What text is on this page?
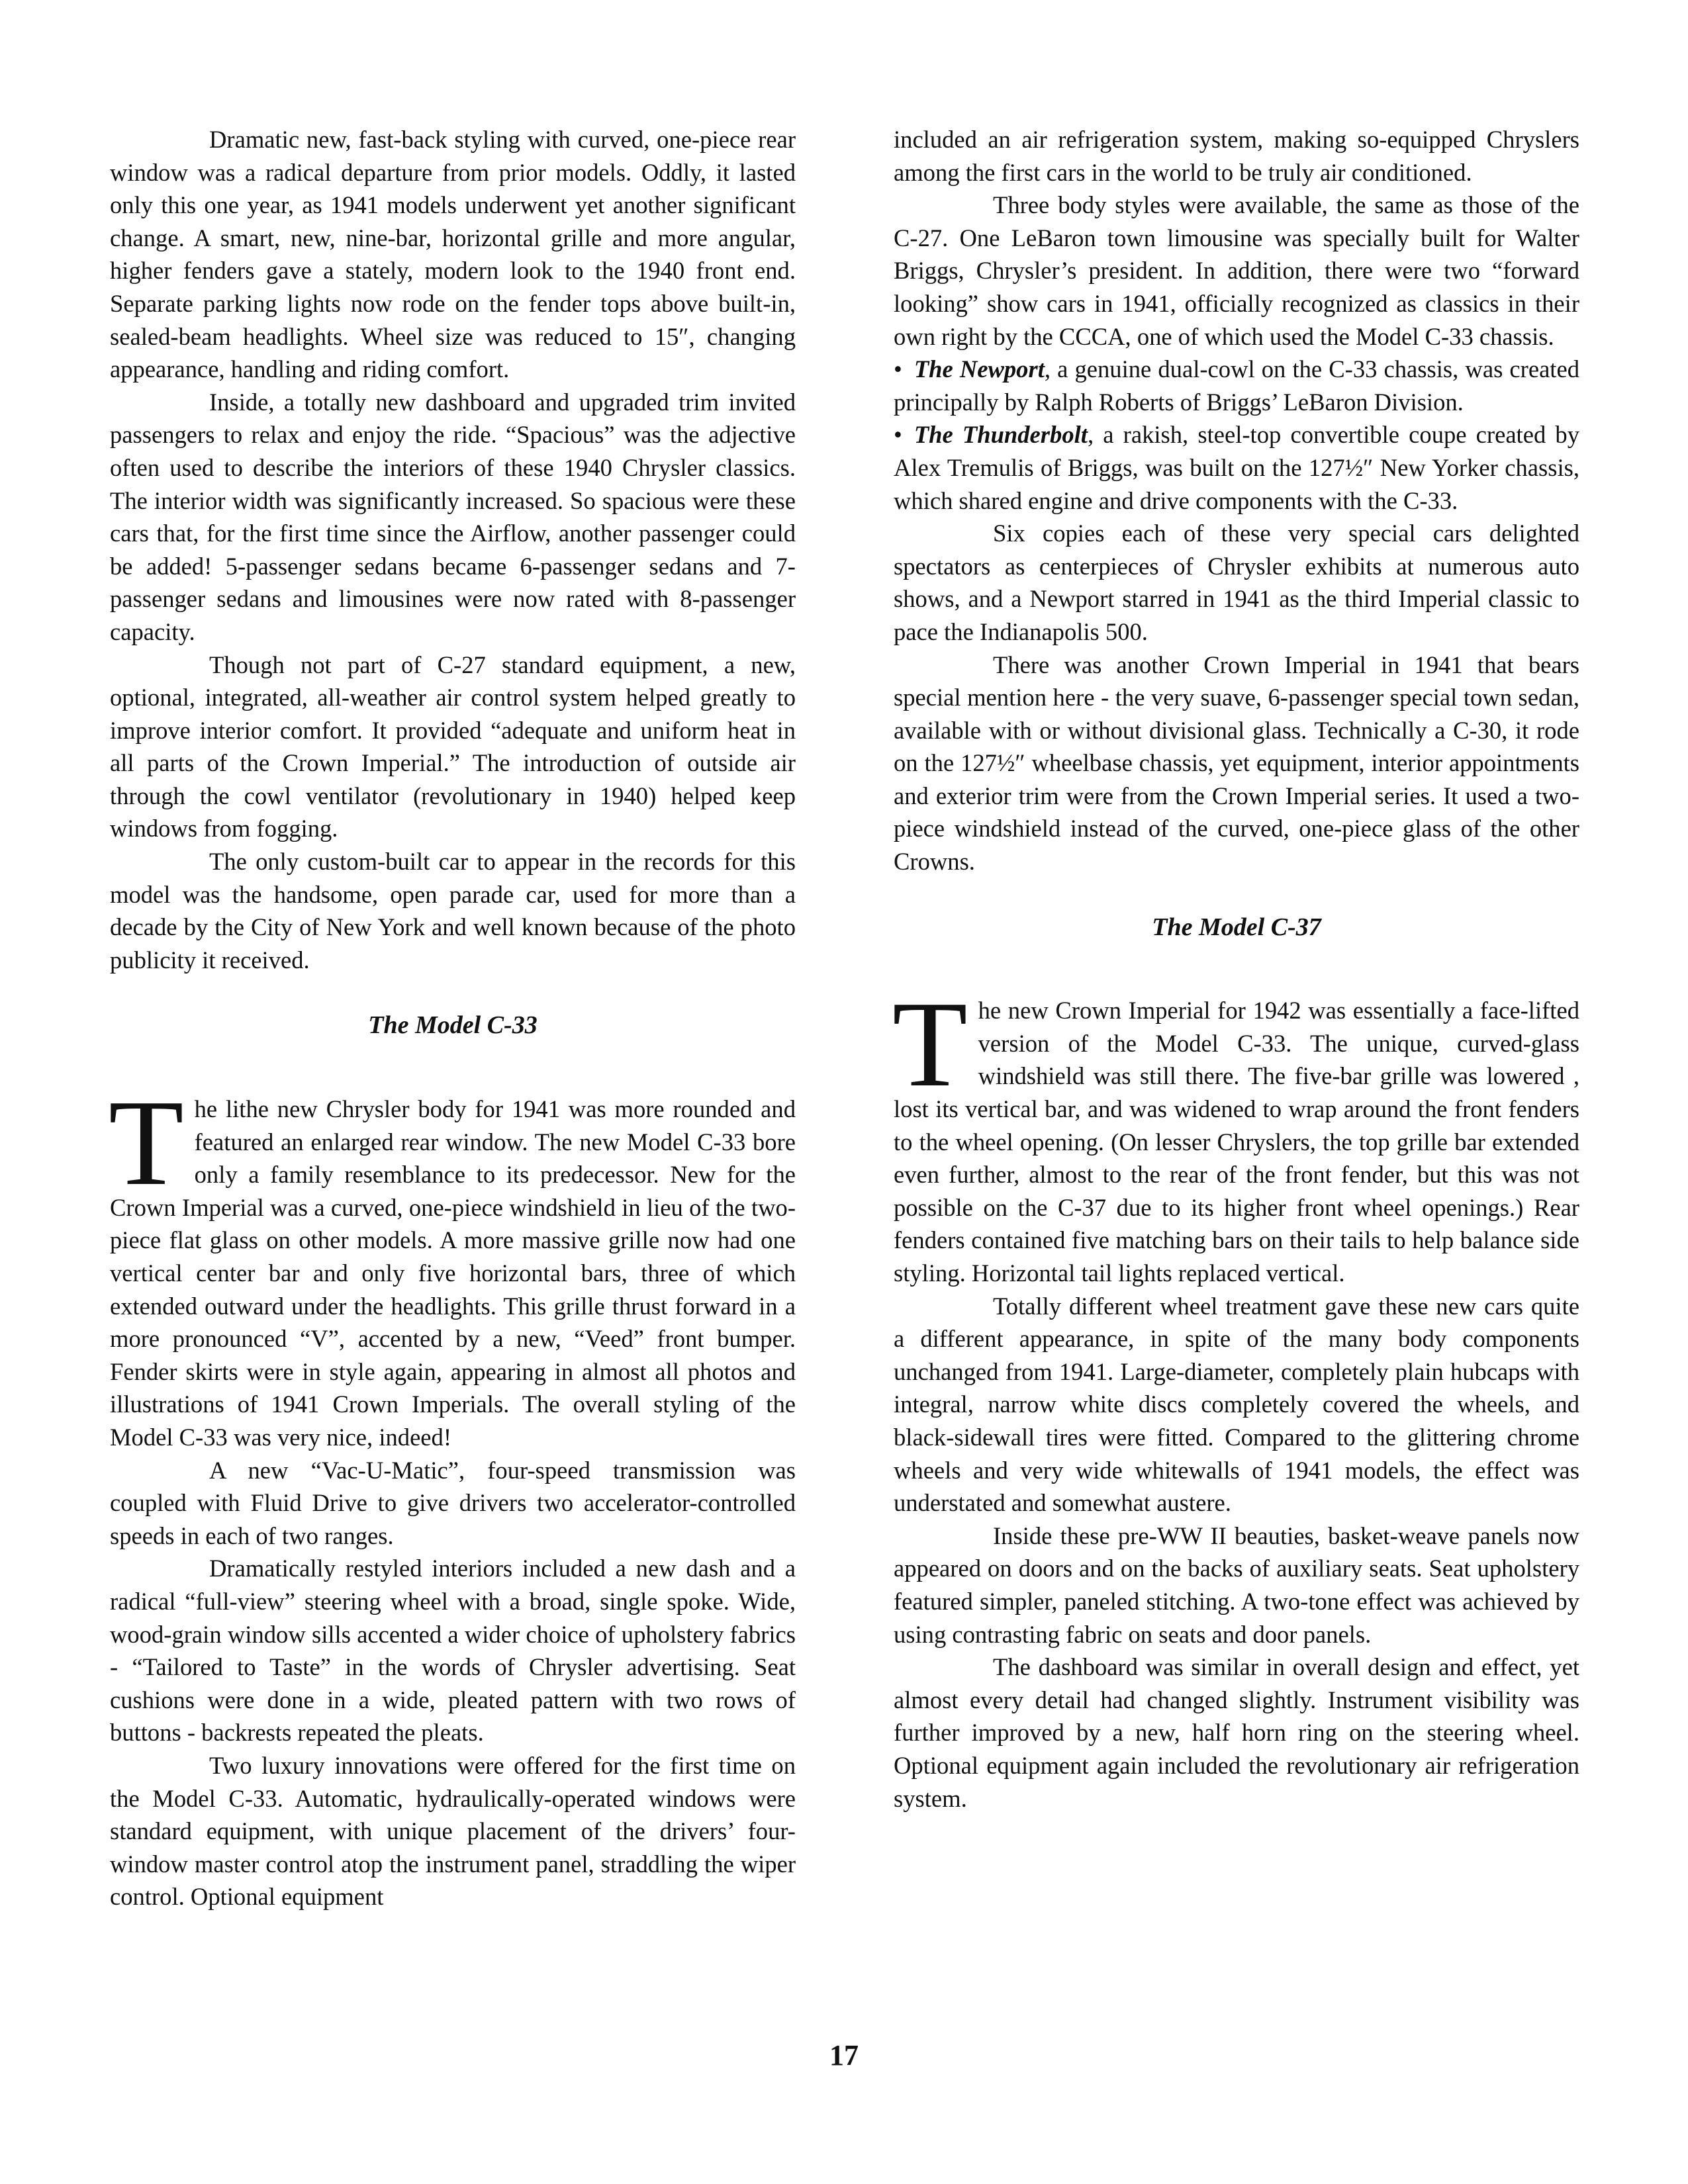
Dramatic new, fast-back styling with curved, one-piece rear window was a radical departure from prior models. Oddly, it lasted only this one year, as 1941 models underwent yet another significant change. A smart, new, nine-bar, horizontal grille and more angular, higher fenders gave a stately, modern look to the 1940 front end. Separate parking lights now rode on the fender tops above built-in, sealed-beam headlights. Wheel size was reduced to 15″, changing appearance, handling and riding comfort.

Inside, a totally new dashboard and upgraded trim invited passengers to relax and enjoy the ride. “Spacious” was the adjective often used to describe the interiors of these 1940 Chrysler classics. The interior width was significantly increased. So spacious were these cars that, for the first time since the Airflow, another passenger could be added! 5-passenger sedans became 6-passenger sedans and 7-passenger sedans and limousines were now rated with 8-passenger capacity.

Though not part of C-27 standard equipment, a new, optional, integrated, all-weather air control system helped greatly to improve interior comfort. It provided “adequate and uniform heat in all parts of the Crown Imperial.” The introduction of outside air through the cowl ventilator (revolutionary in 1940) helped keep windows from fogging.

The only custom-built car to appear in the records for this model was the handsome, open parade car, used for more than a decade by the City of New York and well known because of the photo publicity it received.

The Model C-33

The lithe new Chrysler body for 1941 was more rounded and featured an enlarged rear window. The new Model C-33 bore only a family resemblance to its predecessor. New for the Crown Imperial was a curved, one-piece windshield in lieu of the two-piece flat glass on other models. A more massive grille now had one vertical center bar and only five horizontal bars, three of which extended outward under the headlights. This grille thrust forward in a more pronounced “V”, accented by a new, “Veed” front bumper. Fender skirts were in style again, appearing in almost all photos and illustrations of 1941 Crown Imperials. The overall styling of the Model C-33 was very nice, indeed!

A new “Vac-U-Matic”, four-speed transmission was coupled with Fluid Drive to give drivers two accelerator-controlled speeds in each of two ranges.

Dramatically restyled interiors included a new dash and a radical “full-view” steering wheel with a broad, single spoke. Wide, wood-grain window sills accented a wider choice of upholstery fabrics - “Tailored to Taste” in the words of Chrysler advertising. Seat cushions were done in a wide, pleated pattern with two rows of buttons - backrests repeated the pleats.

Two luxury innovations were offered for the first time on the Model C-33. Automatic, hydraulically-operated windows were standard equipment, with unique placement of the drivers’ four-window master control atop the instrument panel, straddling the wiper control. Optional equipment

included an air refrigeration system, making so-equipped Chryslers among the first cars in the world to be truly air conditioned.

Three body styles were available, the same as those of the C-27. One LeBaron town limousine was specially built for Walter Briggs, Chrysler’s president. In addition, there were two “forward looking” show cars in 1941, officially recognized as classics in their own right by the CCCA, one of which used the Model C-33 chassis.

• The Newport, a genuine dual-cowl on the C-33 chassis, was created principally by Ralph Roberts of Briggs’ LeBaron Division.

• The Thunderbolt, a rakish, steel-top convertible coupe created by Alex Tremulis of Briggs, was built on the 127½″ New Yorker chassis, which shared engine and drive components with the C-33.

Six copies each of these very special cars delighted spectators as centerpieces of Chrysler exhibits at numerous auto shows, and a Newport starred in 1941 as the third Imperial classic to pace the Indianapolis 500.

There was another Crown Imperial in 1941 that bears special mention here - the very suave, 6-passenger special town sedan, available with or without divisional glass. Technically a C-30, it rode on the 127½″ wheelbase chassis, yet equipment, interior appointments and exterior trim were from the Crown Imperial series. It used a two-piece windshield instead of the curved, one-piece glass of the other Crowns.

The Model C-37

The new Crown Imperial for 1942 was essentially a face-lifted version of the Model C-33. The unique, curved-glass windshield was still there. The five-bar grille was lowered , lost its vertical bar, and was widened to wrap around the front fenders to the wheel opening. (On lesser Chryslers, the top grille bar extended even further, almost to the rear of the front fender, but this was not possible on the C-37 due to its higher front wheel openings.) Rear fenders contained five matching bars on their tails to help balance side styling. Horizontal tail lights replaced vertical.

Totally different wheel treatment gave these new cars quite a different appearance, in spite of the many body components unchanged from 1941. Large-diameter, completely plain hubcaps with integral, narrow white discs completely covered the wheels, and black-sidewall tires were fitted. Compared to the glittering chrome wheels and very wide whitewalls of 1941 models, the effect was understated and somewhat austere.

Inside these pre-WW II beauties, basket-weave panels now appeared on doors and on the backs of auxiliary seats. Seat upholstery featured simpler, paneled stitching. A two-tone effect was achieved by using contrasting fabric on seats and door panels.

The dashboard was similar in overall design and effect, yet almost every detail had changed slightly. Instrument visibility was further improved by a new, half horn ring on the steering wheel. Optional equipment again included the revolutionary air refrigeration system.

17
